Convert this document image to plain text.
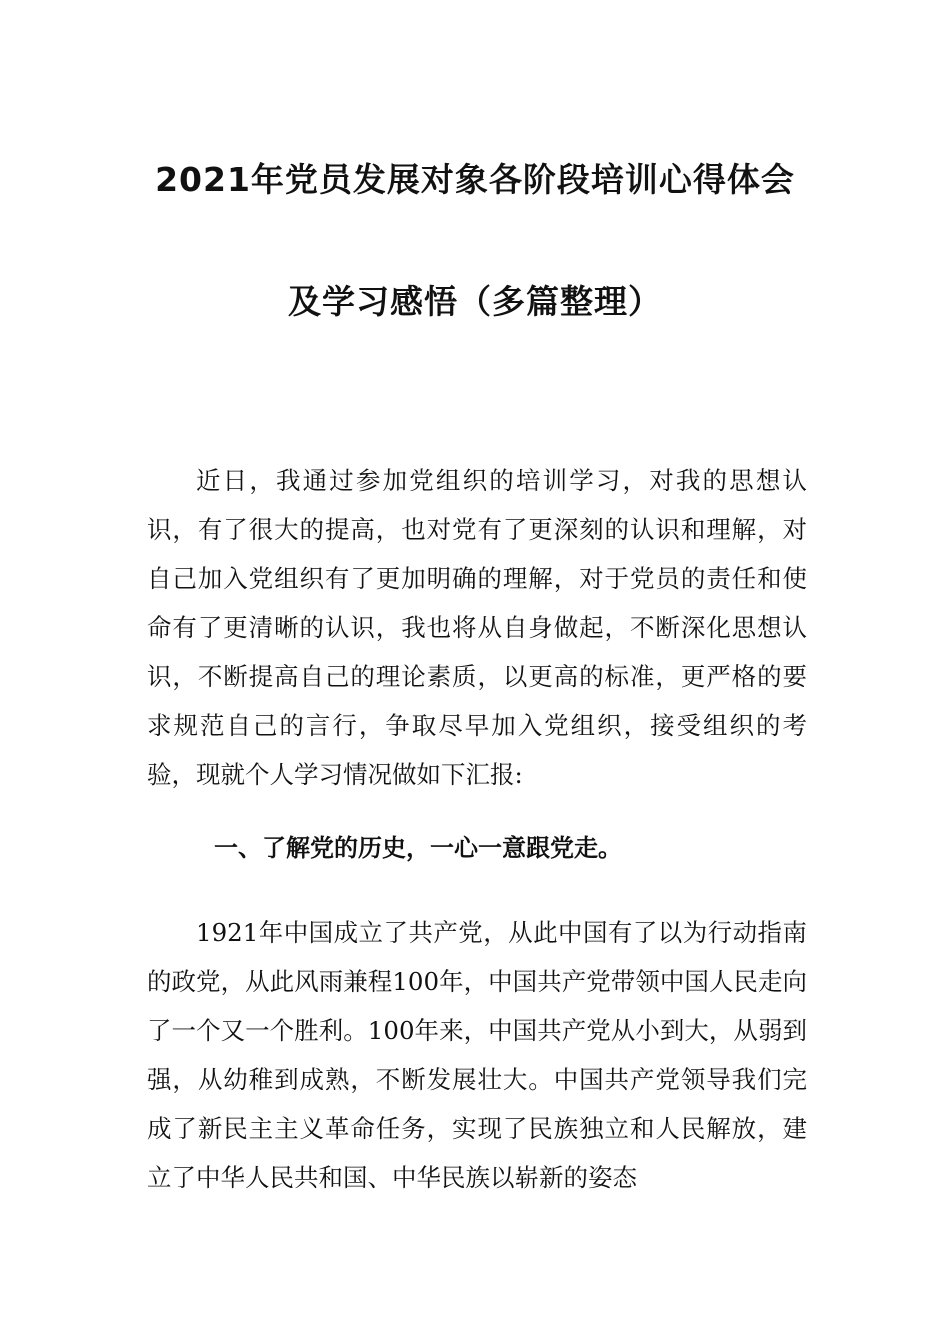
2021年党员发展对象各阶段培训心得体会
及学习感悟（多篇整理）

近日，我通过参加党组织的培训学习，对我的思想认识，有了很大的提高，也对党有了更深刻的认识和理解，对自己加入党组织有了更加明确的理解，对于党员的责任和使命有了更清晰的认识，我也将从自身做起，不断深化思想认识，不断提高自己的理论素质，以更高的标准，更严格的要求规范自己的言行，争取尽早加入党组织，接受组织的考验，现就个人学习情况做如下汇报:

一、了解党的历史，一心一意跟党走。

1921年中国成立了共产党，从此中国有了以为行动指南的政党，从此风雨兼程100年，中国共产党带领中国人民走向了一个又一个胜利。100年来，中国共产党从小到大，从弱到强，从幼稚到成熟，不断发展壮大。中国共产党领导我们完成了新民主主义革命任务，实现了民族独立和人民解放，建立了中华人民共和国、中华民族以崭新的姿态
